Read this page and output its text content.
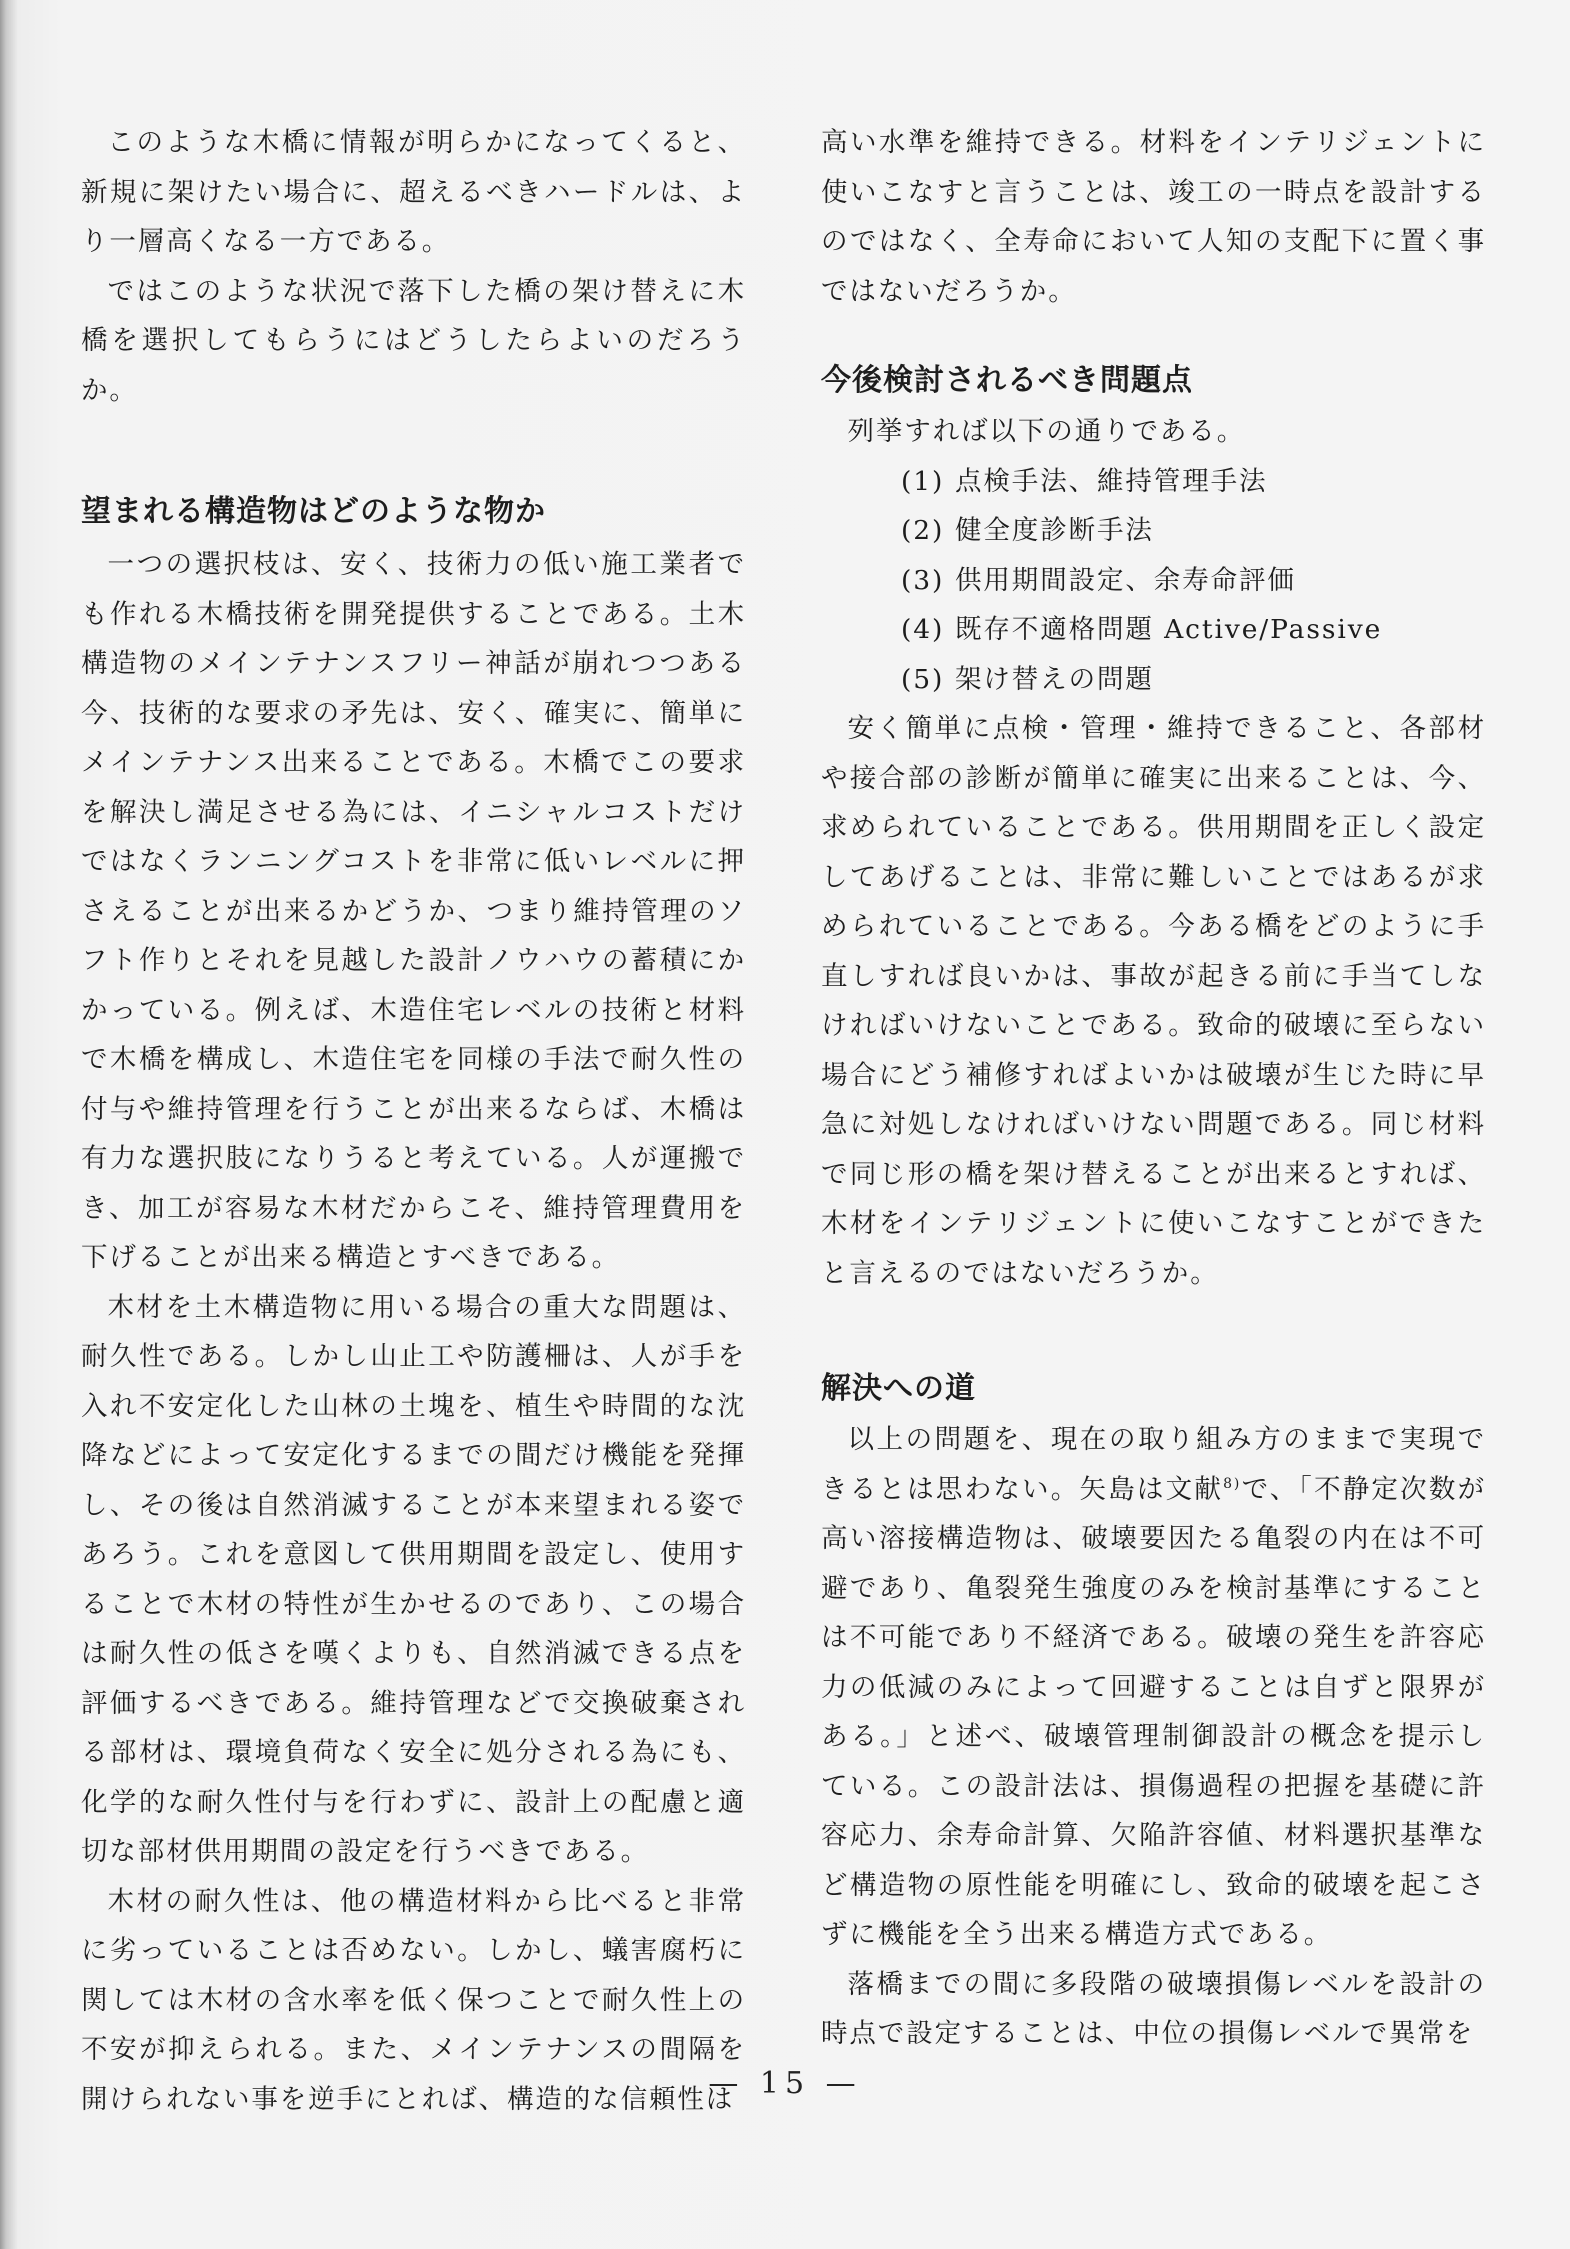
このような木橋に情報が明らかになってくると、新規に架けたい場合に、超えるべきハードルは、より一層高くなる一方である。

ではこのような状況で落下した橋の架け替えに木橋を選択してもらうにはどうしたらよいのだろうか。

望まれる構造物はどのような物か

一つの選択枝は、安く、技術力の低い施工業者でも作れる木橋技術を開発提供することである。土木構造物のメインテナンスフリー神話が崩れつつある今、技術的な要求の矛先は、安く、確実に、簡単にメインテナンス出来ることである。木橋でこの要求を解決し満足させる為には、イニシャルコストだけではなくランニングコストを非常に低いレベルに押さえることが出来るかどうか、つまり維持管理のソフト作りとそれを見越した設計ノウハウの蓄積にかかっている。例えば、木造住宅レベルの技術と材料で木橋を構成し、木造住宅を同様の手法で耐久性の付与や維持管理を行うことが出来るならば、木橋は有力な選択肢になりうると考えている。人が運搬でき、加工が容易な木材だからこそ、維持管理費用を下げることが出来る構造とすべきである。

木材を土木構造物に用いる場合の重大な問題は、耐久性である。しかし山止工や防護柵は、人が手を入れ不安定化した山林の土塊を、植生や時間的な沈降などによって安定化するまでの間だけ機能を発揮し、その後は自然消滅することが本来望まれる姿であろう。これを意図して供用期間を設定し、使用することで木材の特性が生かせるのであり、この場合は耐久性の低さを嘆くよりも、自然消滅できる点を評価するべきである。維持管理などで交換破棄される部材は、環境負荷なく安全に処分される為にも、化学的な耐久性付与を行わずに、設計上の配慮と適切な部材供用期間の設定を行うべきである。

木材の耐久性は、他の構造材料から比べると非常に劣っていることは否めない。しかし、蟻害腐朽に関しては木材の含水率を低く保つことで耐久性上の不安が抑えられる。また、メインテナンスの間隔を開けられない事を逆手にとれば、構造的な信頼性は

高い水準を維持できる。材料をインテリジェントに使いこなすと言うことは、竣工の一時点を設計するのではなく、全寿命において人知の支配下に置く事ではないだろうか。

今後検討されるべき問題点

列挙すれば以下の通りである。

(1) 点検手法、維持管理手法
(2) 健全度診断手法
(3) 供用期間設定、余寿命評価
(4) 既存不適格問題 Active/Passive
(5) 架け替えの問題

安く簡単に点検・管理・維持できること、各部材や接合部の診断が簡単に確実に出来ることは、今、求められていることである。供用期間を正しく設定してあげることは、非常に難しいことではあるが求められていることである。今ある橋をどのように手直しすれば良いかは、事故が起きる前に手当てしなければいけないことである。致命的破壊に至らない場合にどう補修すればよいかは破壊が生じた時に早急に対処しなければいけない問題である。同じ材料で同じ形の橋を架け替えることが出来るとすれば、木材をインテリジェントに使いこなすことができたと言えるのではないだろうか。

解決への道

以上の問題を、現在の取り組み方のままで実現できるとは思わない。矢島は文献$^{8)}$で、「不静定次数が高い溶接構造物は、破壊要因たる亀裂の内在は不可避であり、亀裂発生強度のみを検討基準にすることは不可能であり不経済である。破壊の発生を許容応力の低減のみによって回避することは自ずと限界がある。」と述べ、破壊管理制御設計の概念を提示している。この設計法は、損傷過程の把握を基礎に許容応力、余寿命計算、欠陥許容値、材料選択基準など構造物の原性能を明確にし、致命的破壊を起こさずに機能を全う出来る構造方式である。

落橋までの間に多段階の破壊損傷レベルを設計の時点で設定することは、中位の損傷レベルで異常を

— 15 —
